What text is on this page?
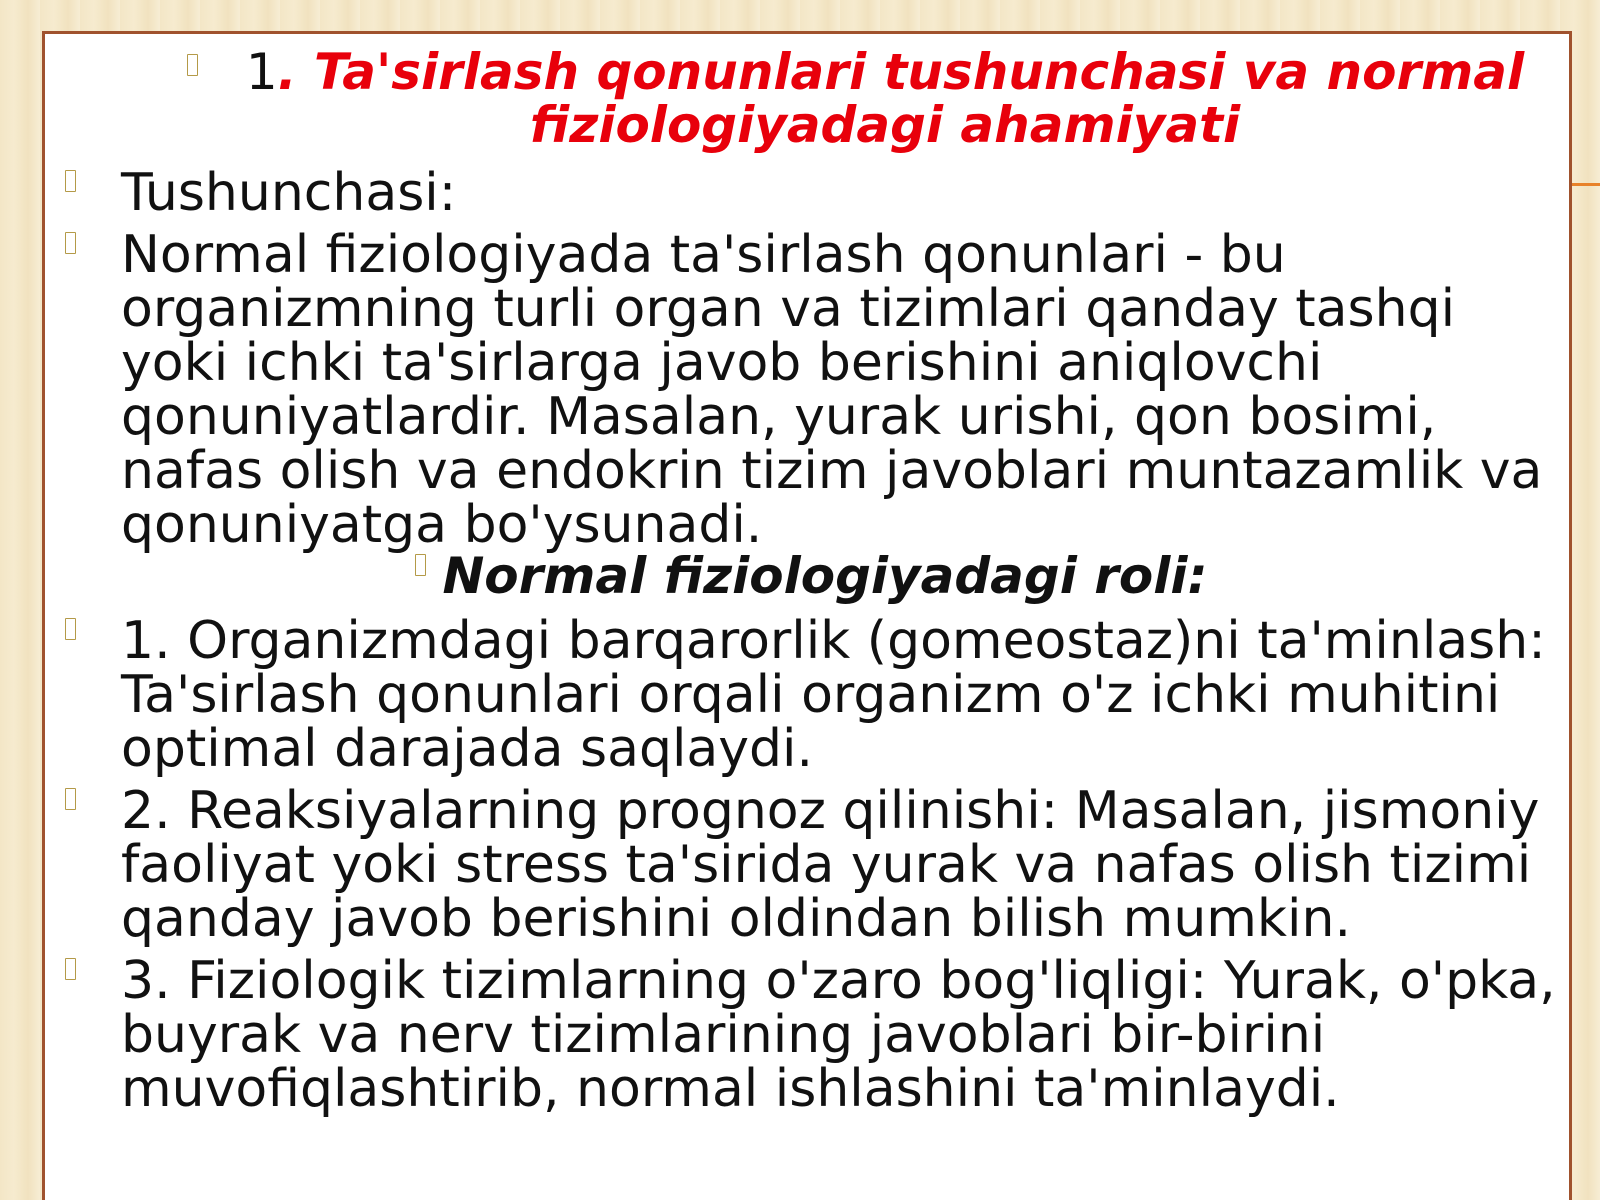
1. Ta'sirlash qonunlari tushunchasi va normal fiziologiyadagi ahamiyati

Tushunchasi:

Normal fiziologiyada ta'sirlash qonunlari - bu
organizmning turli organ va tizimlari qanday tashqi
yoki ichki ta'sirlarga javob berishini aniqlovchi
qonuniyatlardir. Masalan, yurak urishi, qon bosimi,
nafas olish va endokrin tizim javoblari muntazamlik va
qonuniyatga bo'ysunadi.

Normal fiziologiyadagi roli:

1. Organizmdagi barqarorlik (gomeostaz)ni ta'minlash:
Ta'sirlash qonunlari orqali organizm o'z ichki muhitini
optimal darajada saqlaydi.

2. Reaksiyalarning prognoz qilinishi: Masalan, jismoniy
faoliyat yoki stress ta'sirida yurak va nafas olish tizimi
qanday javob berishini oldindan bilish mumkin.

3. Fiziologik tizimlarning o'zaro bog'liqligi: Yurak, o'pka,
buyrak va nerv tizimlarining javoblari bir-birini
muvofiqlashtirib, normal ishlashini ta'minlaydi.
